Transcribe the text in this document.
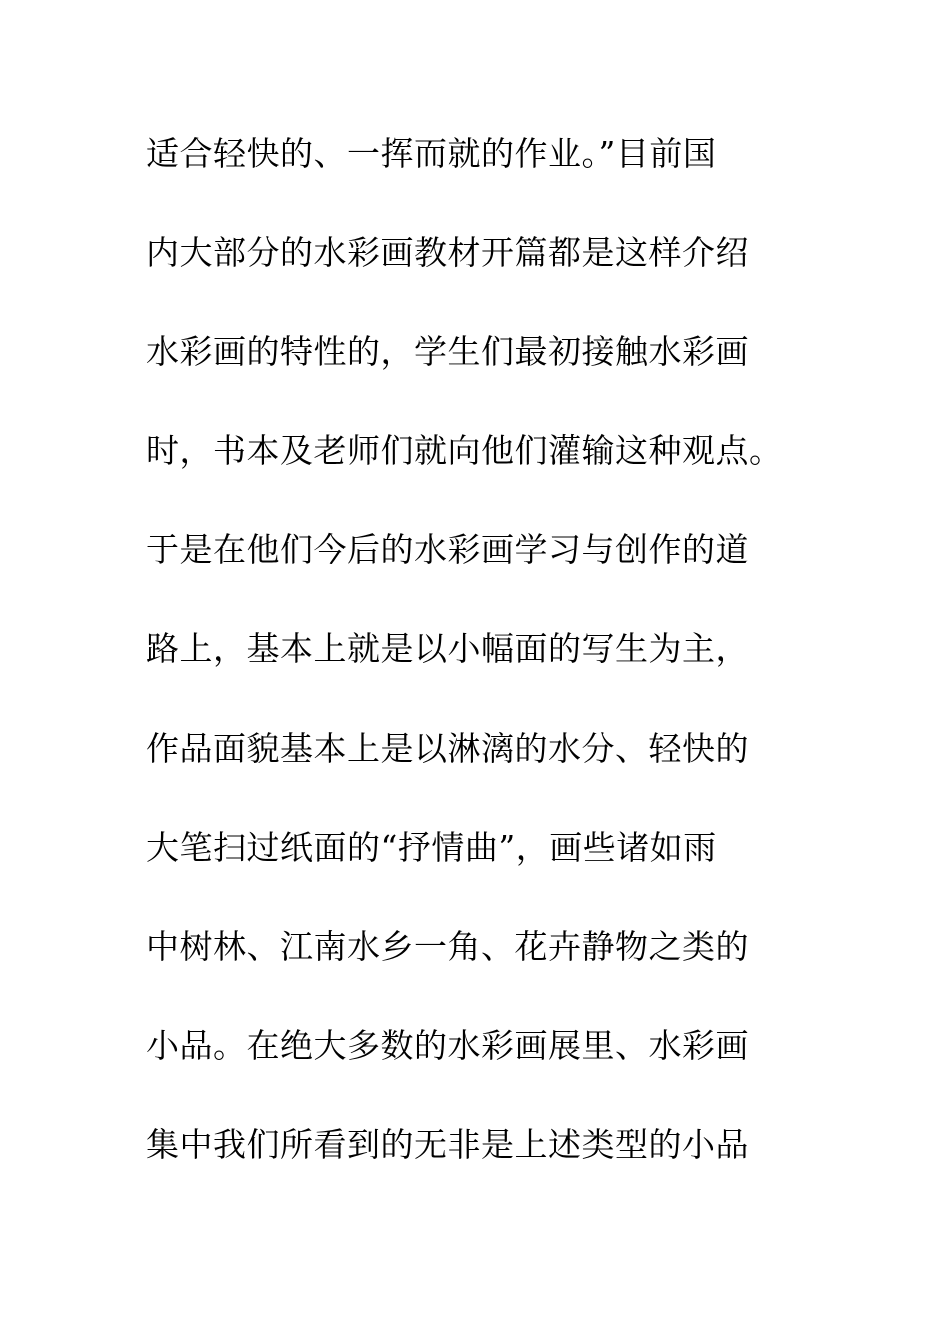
适合轻快的、一挥而就的作业。”目前国
内大部分的水彩画教材开篇都是这样介绍
水彩画的特性的，学生们最初接触水彩画
时，书本及老师们就向他们灌输这种观点。
于是在他们今后的水彩画学习与创作的道
路上，基本上就是以小幅面的写生为主，
作品面貌基本上是以淋漓的水分、轻快的
大笔扫过纸面的“抒情曲”，画些诸如雨
中树林、江南水乡一角、花卉静物之类的
小品。在绝大多数的水彩画展里、水彩画
集中我们所看到的无非是上述类型的小品
